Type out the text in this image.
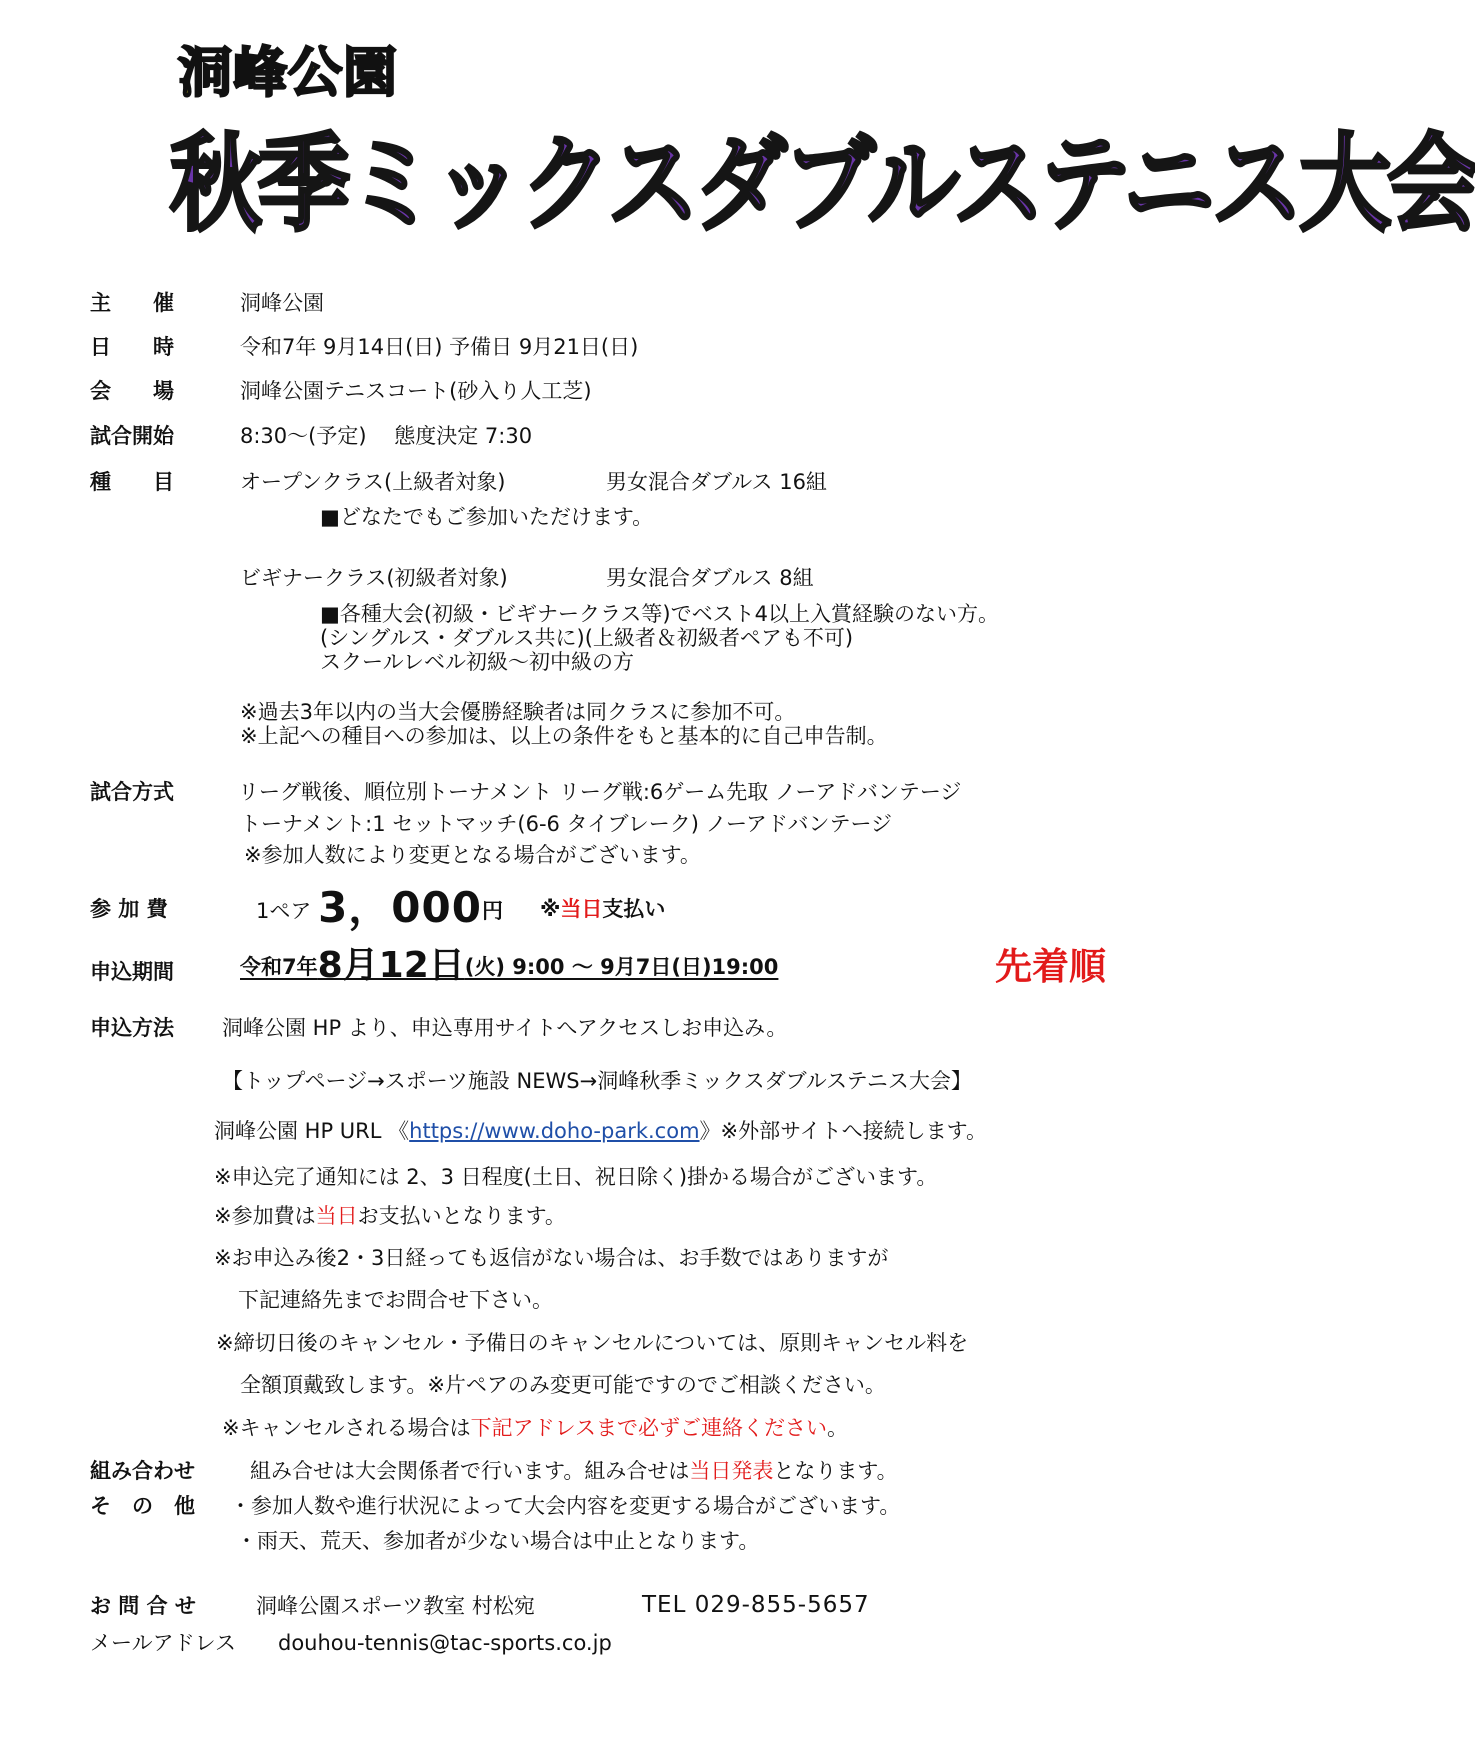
洞峰公園
秋季ミックスダブルステニス大会
主　　催	洞峰公園
日　　時	令和7年 9月14日(日) 予備日 9月21日(日)
会　　場	洞峰公園テニスコート(砂入り人工芝)
試合開始	8:30～(予定)　 態度決定 7:30
種　　目	オープンクラス(上級者対象)	男女混合ダブルス 16組
■どなたでもご参加いただけます。
ビギナークラス(初級者対象)	男女混合ダブルス 8組
■各種大会(初級・ビギナークラス等)でベスト4以上入賞経験のない方。
(シングルス・ダブルス共に)(上級者＆初級者ペアも不可)
スクールレベル初級～初中級の方
※過去3年以内の当大会優勝経験者は同クラスに参加不可。
※上記への種目への参加は、以上の条件をもと基本的に自己申告制。
試合方式	リーグ戦後、順位別トーナメント リーグ戦:6ゲーム先取 ノーアドバンテージ
トーナメント:1 セットマッチ(6-6 タイブレーク) ノーアドバンテージ
※参加人数により変更となる場合がございます。
参 加 費	1ペア 3，000円 ※当日支払い
申込期間	令和7年8月12日(火) 9:00 ～ 9月7日(日)19:00	先着順
申込方法 洞峰公園 HP より、申込専用サイトへアクセスしお申込み。
【トップページ→スポーツ施設 NEWS→洞峰秋季ミックスダブルステニス大会】
洞峰公園 HP URL 《https://www.doho-park.com》※外部サイトへ接続します。
※申込完了通知には 2、3 日程度(土日、祝日除く)掛かる場合がございます。
※参加費は当日お支払いとなります。
※お申込み後2・3日経っても返信がない場合は、お手数ではありますが
下記連絡先までお問合せ下さい。
※締切日後のキャンセル・予備日のキャンセルについては、原則キャンセル料を
全額頂戴致します。※片ペアのみ変更可能ですのでご相談ください。
※キャンセルされる場合は下記アドレスまで必ずご連絡ください。
組み合わせ	組み合せは大会関係者で行います。組み合せは当日発表となります。
そ　の　他 ・参加人数や進行状況によって大会内容を変更する場合がございます。
・雨天、荒天、参加者が少ない場合は中止となります。
お 問 合 せ	洞峰公園スポーツ教室 村松宛	TEL 029-855-5657
メールアドレス douhou-tennis@tac-sports.co.jp
